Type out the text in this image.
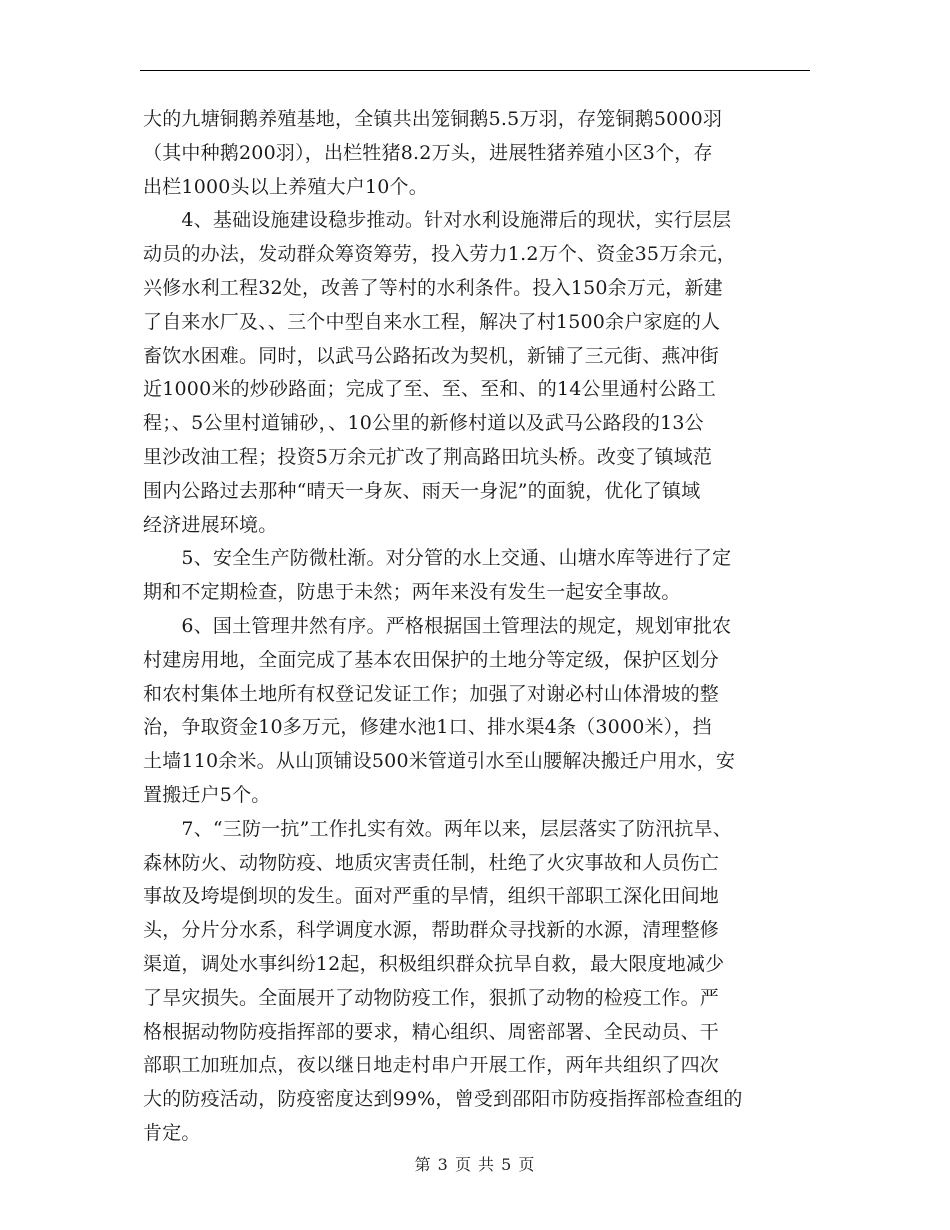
大的九塘铜鹅养殖基地，全镇共出笼铜鹅5.5万羽，存笼铜鹅5000羽
（其中种鹅200羽），出栏牲猪8.2万头，进展牲猪养殖小区3个，存
出栏1000头以上养殖大户10个。

　　4、基础设施建设稳步推动。针对水利设施滞后的现状，实行层层
动员的办法，发动群众筹资筹劳，投入劳力1.2万个、资金35万余元，
兴修水利工程32处，改善了等村的水利条件。投入150余万元，新建
了自来水厂及、、三个中型自来水工程，解决了村1500余户家庭的人
畜饮水困难。同时，以武马公路拓改为契机，新铺了三元街、燕冲街
近1000米的炒砂路面；完成了至、至、至和、的14公里通村公路工
程；、5公里村道铺砂，、10公里的新修村道以及武马公路段的13公
里沙改油工程；投资5万余元扩改了荆高路田坑头桥。改变了镇域范
围内公路过去那种“晴天一身灰、雨天一身泥”的面貌，优化了镇域
经济进展环境。

　　5、安全生产防微杜渐。对分管的水上交通、山塘水库等进行了定
期和不定期检查，防患于未然；两年来没有发生一起安全事故。

　　6、国土管理井然有序。严格根据国土管理法的规定，规划审批农
村建房用地，全面完成了基本农田保护的土地分等定级，保护区划分
和农村集体土地所有权登记发证工作；加强了对谢必村山体滑坡的整
治，争取资金10多万元，修建水池1口、排水渠4条（3000米），挡
土墙110余米。从山顶铺设500米管道引水至山腰解决搬迁户用水，安
置搬迁户5个。

　　7、“三防一抗”工作扎实有效。两年以来，层层落实了防汛抗旱、
森林防火、动物防疫、地质灾害责任制，杜绝了火灾事故和人员伤亡
事故及垮堤倒坝的发生。面对严重的旱情，组织干部职工深化田间地
头，分片分水系，科学调度水源，帮助群众寻找新的水源，清理整修
渠道，调处水事纠纷12起，积极组织群众抗旱自救，最大限度地减少
了旱灾损失。全面展开了动物防疫工作，狠抓了动物的检疫工作。严
格根据动物防疫指挥部的要求，精心组织、周密部署、全民动员、干
部职工加班加点，夜以继日地走村串户开展工作，两年共组织了四次
大的防疫活动，防疫密度达到99%，曾受到邵阳市防疫指挥部检查组的
肯定。

第 3 页 共 5 页
